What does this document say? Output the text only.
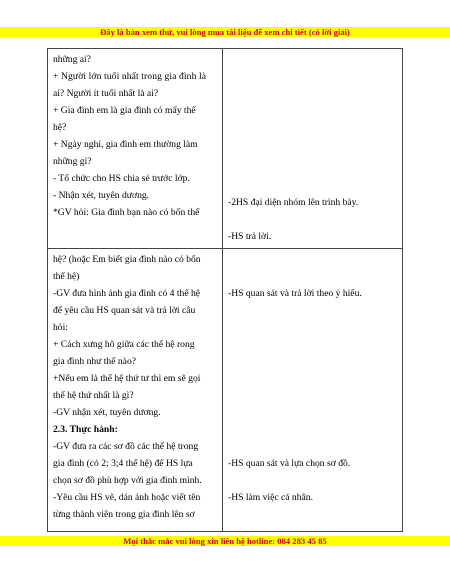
Đây là bản xem thử, vui lòng mua tài liệu để xem chi tiết (có lời giải)
những ai?
+ Người lớn tuổi nhất trong gia đình là
ai? Người ít tuổi nhất là ai?
+ Gia đình em là gia đình có mấy thế
hệ?
+ Ngày nghỉ, gia đình em thường làm
những gì?
- Tổ chức cho HS chia sẻ trước lớp.
- Nhận xét, tuyên dương.
*GV hỏi: Gia đình bạn nào có bốn thế
-2HS đại diện nhóm lên trình bày.
-HS trả lời.
hệ? (hoặc Em biết gia đình nào có bốn
thế hệ)
-GV đưa hình ảnh gia đình có 4 thế hệ
để yêu cầu HS quan sát và trả lời câu
hỏi:
+ Cách xưng hô giữa các thế hệ rong
gia đình như thế nào?
+Nếu em là thế hệ thứ tư thì em sẽ gọi
thế hệ thứ nhất là gì?
-GV nhận xét, tuyên dương.
2.3. Thực hành:
-GV đưa ra các sơ đồ các thế hệ trong
gia đình (có 2; 3;4 thế hệ) để HS lựa
chọn sơ đồ phù hợp với gia đình mình.
-Yêu cầu HS vẽ, dán ảnh hoặc viết tên
từng thành viên trong gia đình lên sơ
-HS quan sát và trả lời theo ý hiểu.
-HS quan sát và lựa chọn sơ đồ.
-HS làm việc cá nhân.
Mọi thắc mắc vui lòng xin liên hệ hotline: 084 283 45 85
